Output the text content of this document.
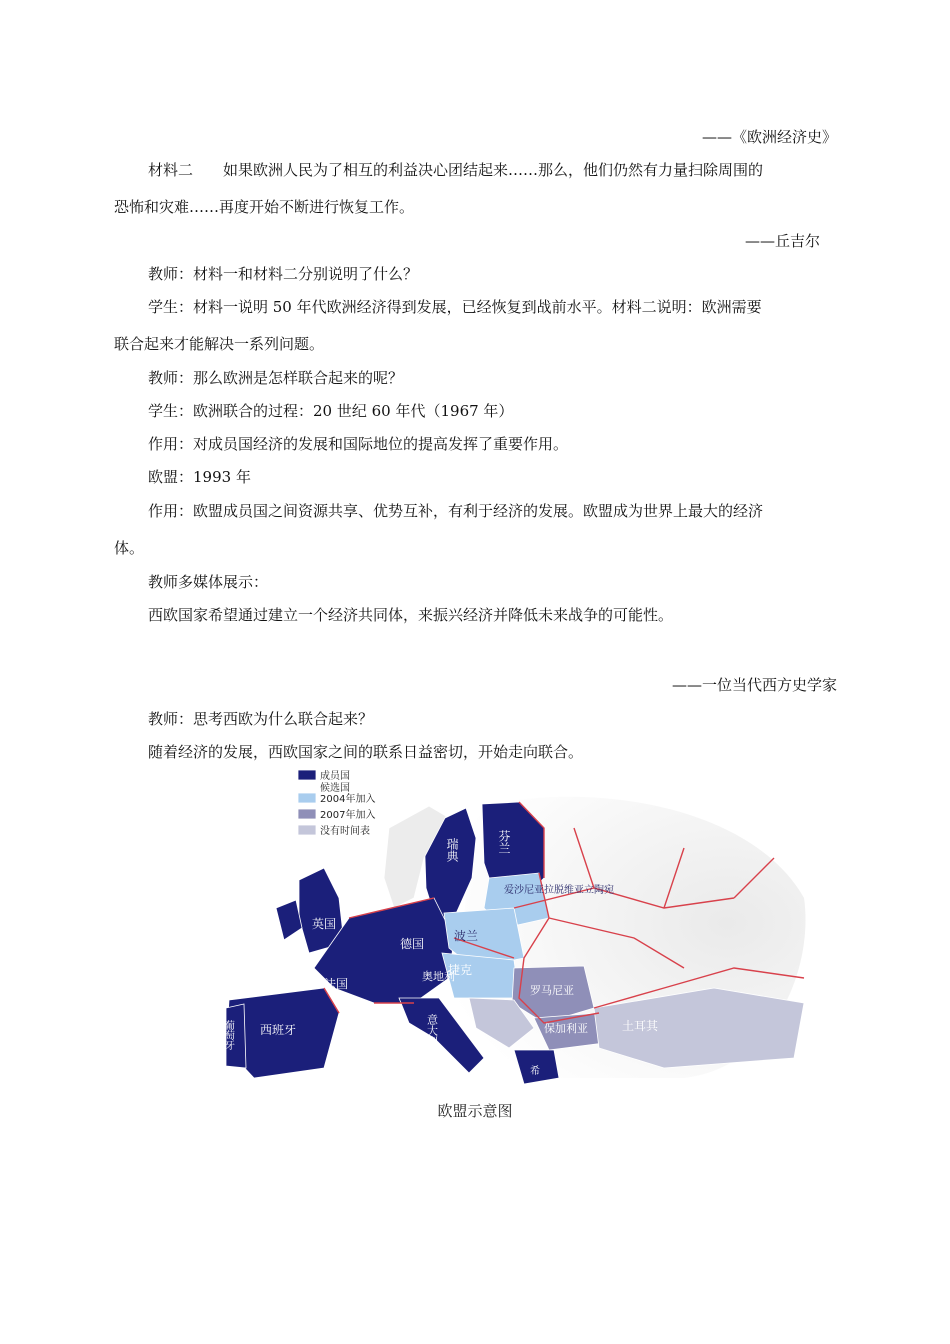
——《欧洲经济史》
材料二　　如果欧洲人民为了相互的利益决心团结起来……那么，他们仍然有力量扫除周围的
恐怖和灾难……再度开始不断进行恢复工作。
——丘吉尔
教师：材料一和材料二分别说明了什么？
学生：材料一说明 50 年代欧洲经济得到发展，已经恢复到战前水平。材料二说明：欧洲需要
联合起来才能解决一系列问题。
教师：那么欧洲是怎样联合起来的呢？
学生：欧洲联合的过程：20 世纪 60 年代（1967 年）
作用：对成员国经济的发展和国际地位的提高发挥了重要作用。
欧盟：1993 年
作用：欧盟成员国之间资源共享、优势互补，有利于经济的发展。欧盟成为世界上最大的经济
体。
教师多媒体展示：
西欧国家希望通过建立一个经济共同体，来振兴经济并降低未来战争的可能性。
——一位当代西方史学家
教师：思考西欧为什么联合起来？
随着经济的发展，西欧国家之间的联系日益密切，开始走向联合。
成员国
候选国
2004年加入
2007年加入
没有时间表	芬兰
瑞典
爱沙尼亚拉脱维亚立陶宛
英国
德国
波兰
捷克
法国
奥地利
罗马尼亚
保加利亚
西班牙
葡萄牙	意大利	土耳其
希
欧盟示意图
